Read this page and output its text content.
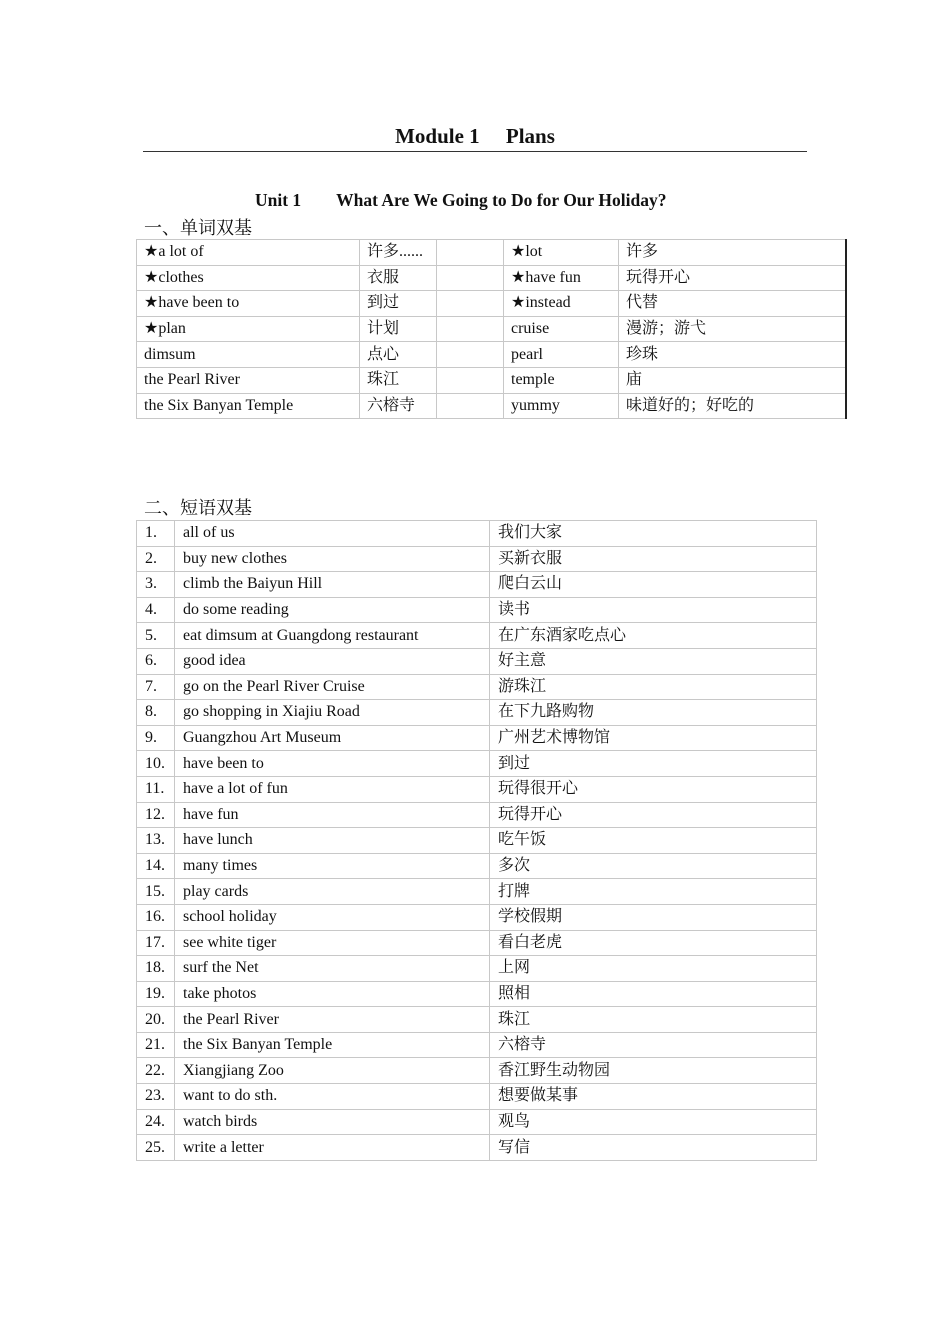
Module 1  Plans
Unit 1  What Are We Going to Do for Our Holiday?
一、单词双基
★a lot of	许多......		★lot	许多
★clothes	衣服		★have fun	玩得开心
★have been to	到过		★instead	代替
★plan	计划		cruise	漫游；游弋
dimsum	点心		pearl	珍珠
the Pearl River	珠江		temple	庙
the Six Banyan Temple	六榕寺		yummy	味道好的；好吃的
二、短语双基
1.	all of us	我们大家
2.	buy new clothes	买新衣服
3.	climb the Baiyun Hill	爬白云山
4.	do some reading	读书
5.	eat dimsum at Guangdong restaurant	在广东酒家吃点心
6.	good idea	好主意
7.	go on the Pearl River Cruise	游珠江
8.	go shopping in Xiajiu Road	在下九路购物
9.	Guangzhou Art Museum	广州艺术博物馆
10.	have been to	到过
11.	have a lot of fun	玩得很开心
12.	have fun	玩得开心
13.	have lunch	吃午饭
14.	many times	多次
15.	play cards	打牌
16.	school holiday	学校假期
17.	see white tiger	看白老虎
18.	surf the Net	上网
19.	take photos	照相
20.	the Pearl River	珠江
21.	the Six Banyan Temple	六榕寺
22.	Xiangjiang Zoo	香江野生动物园
23.	want to do sth.	想要做某事
24.	watch birds	观鸟
25.	write a letter	写信
